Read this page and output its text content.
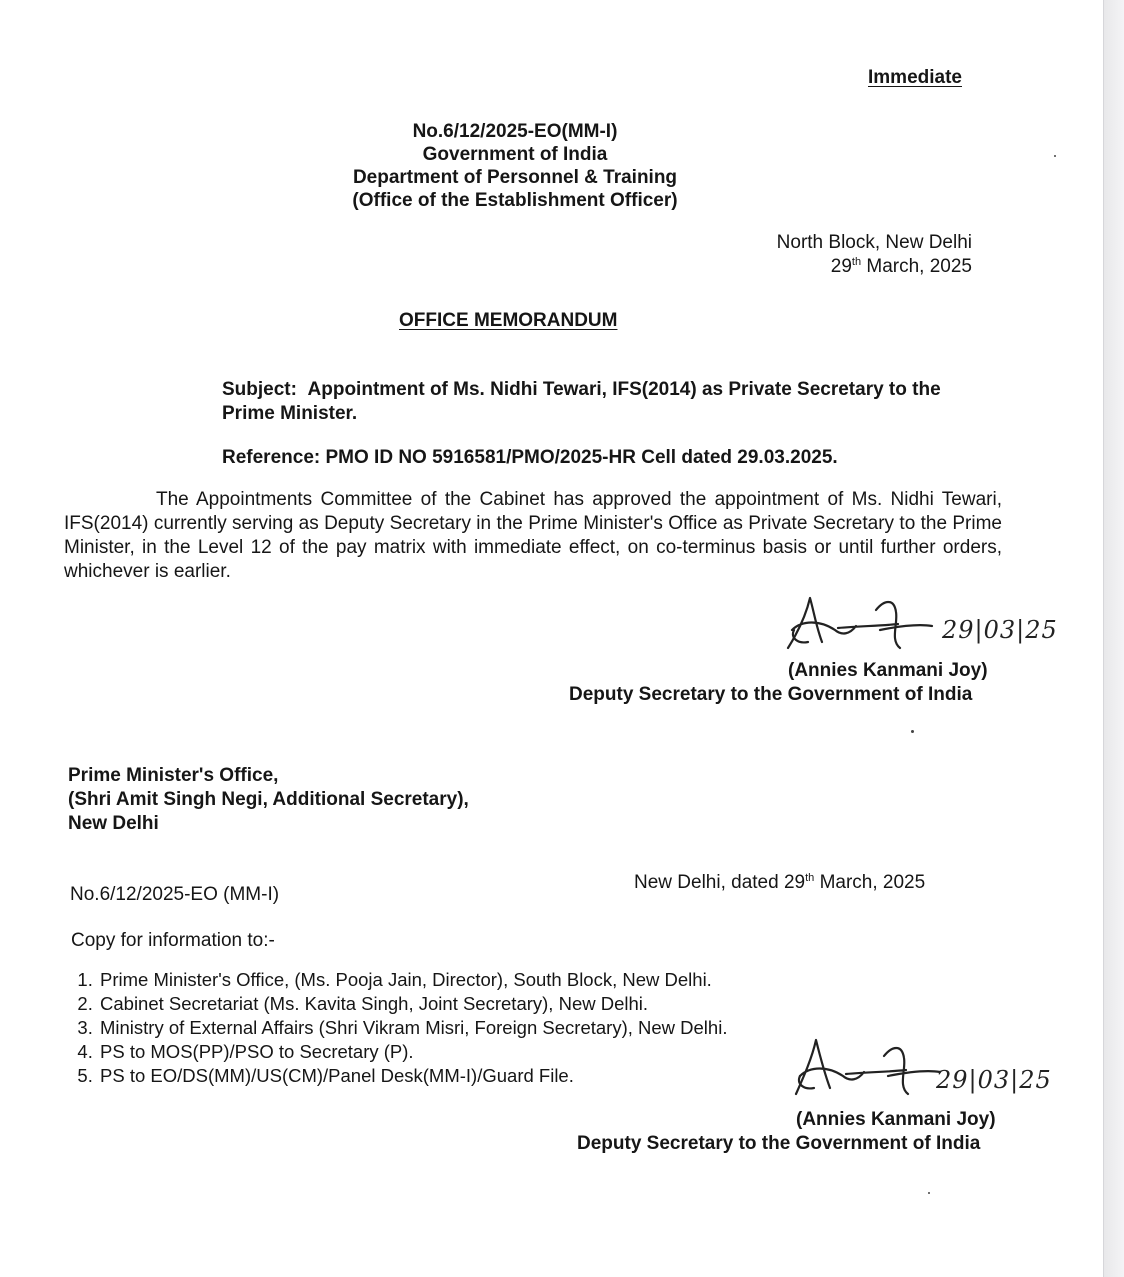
Immediate
No.6/12/2025-EO(MM-I)
Government of India
Department of Personnel & Training
(Office of the Establishment Officer)
North Block, New Delhi
29th March, 2025
OFFICE MEMORANDUM
Subject: Appointment of Ms. Nidhi Tewari, IFS(2014) as Private Secretary to the
Prime Minister.
Reference: PMO ID NO 5916581/PMO/2025-HR Cell dated 29.03.2025.
The Appointments Committee of the Cabinet has approved the appointment of Ms. Nidhi Tewari, IFS(2014) currently serving as Deputy Secretary in the Prime Minister's Office as Private Secretary to the Prime Minister, in the Level 12 of the pay matrix with immediate effect, on co-terminus basis or until further orders, whichever is earlier.
29|03|25
(Annies Kanmani Joy)
Deputy Secretary to the Government of India
Prime Minister's Office,
(Shri Amit Singh Negi, Additional Secretary),
New Delhi
No.6/12/2025-EO (MM-I)
New Delhi, dated 29th March, 2025
Copy for information to:-
1. Prime Minister's Office, (Ms. Pooja Jain, Director), South Block, New Delhi.
2. Cabinet Secretariat (Ms. Kavita Singh, Joint Secretary), New Delhi.
3. Ministry of External Affairs (Shri Vikram Misri, Foreign Secretary), New Delhi.
4. PS to MOS(PP)/PSO to Secretary (P).
5. PS to EO/DS(MM)/US(CM)/Panel Desk(MM-I)/Guard File.	29|03|25
(Annies Kanmani Joy)
Deputy Secretary to the Government of India
